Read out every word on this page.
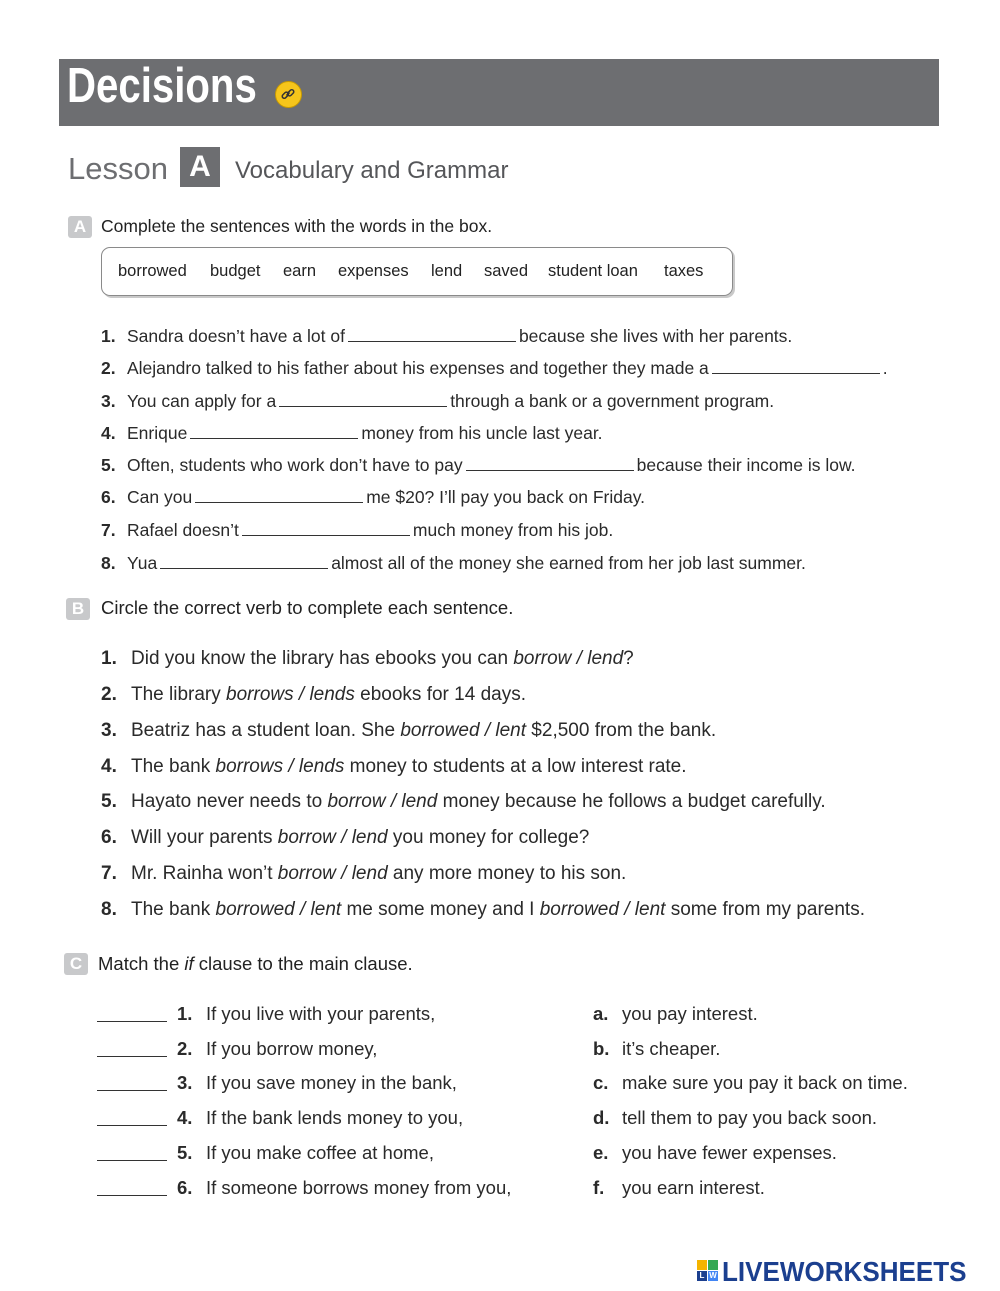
Decisions
Lesson A	Vocabulary and Grammar
A Complete the sentences with the words in the box.
borrowed budget earn expenses lend saved student loan taxes
1. Sandra doesn’t have a lot of	because she lives with her parents.
2. Alejandro talked to his father about his expenses and together they made a	.
3. You can apply for a	through a bank or a government program.
4. Enrique	money from his uncle last year.
5. Often, students who work don’t have to pay	because their income is low.
6. Can you	me $20? I’ll pay you back on Friday.
7. Rafael doesn’t	much money from his job.
8. Yua	almost all of the money she earned from her job last summer.
B Circle the correct verb to complete each sentence.
1. Did you know the library has ebooks you can borrow / lend?
2. The library borrows / lends ebooks for 14 days.
3. Beatriz has a student loan. She borrowed / lent $2,500 from the bank.
4. The bank borrows / lends money to students at a low interest rate.
5. Hayato never needs to borrow / lend money because he follows a budget carefully.
6. Will your parents borrow / lend you money for college?
7. Mr. Rainha won’t borrow / lend any more money to his son.
8. The bank borrowed / lent me some money and I borrowed / lent some from my parents.
C Match the if clause to the main clause.
1. If you live with your parents,	a. you pay interest.
2. If you borrow money,	b. it’s cheaper.
3. If you save money in the bank,	c. make sure you pay it back on time.
4. If the bank lends money to you,	d. tell them to pay you back soon.
5. If you make coffee at home,	e. you have fewer expenses.
6. If someone borrows money from you,	f. you earn interest.
L W LIVEWORKSHEETS
